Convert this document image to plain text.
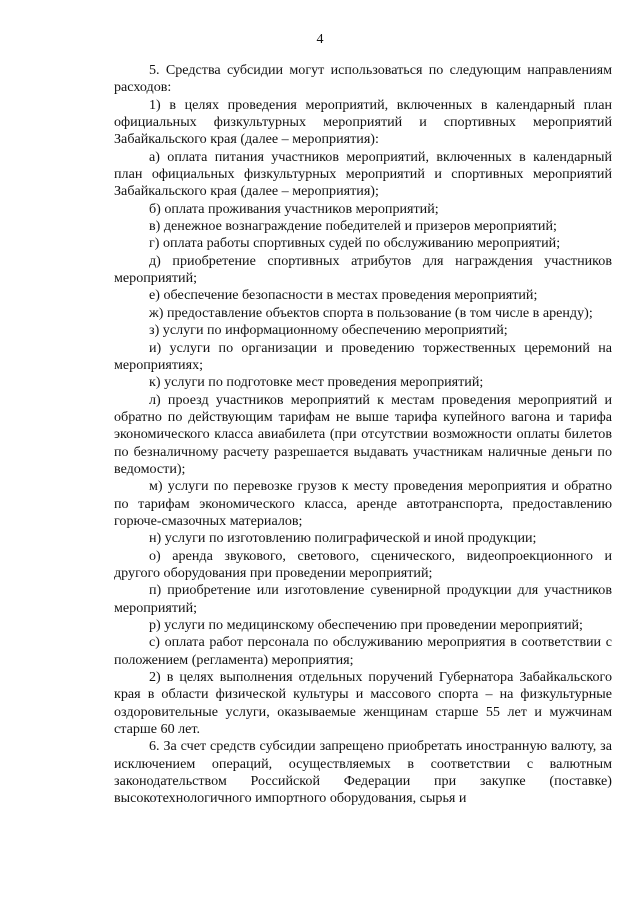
4

5. Средства субсидии могут использоваться по следующим направлениям расходов:

1) в целях проведения мероприятий, включенных в календарный план официальных физкультурных мероприятий и спортивных мероприятий Забайкальского края (далее – мероприятия):

а) оплата питания участников мероприятий, включенных в календарный план официальных физкультурных мероприятий и спортивных мероприятий Забайкальского края (далее – мероприятия);

б) оплата проживания участников мероприятий;

в) денежное вознаграждение победителей и призеров мероприятий;

г) оплата работы спортивных судей по обслуживанию мероприятий;

д) приобретение спортивных атрибутов для награждения участников мероприятий;

е) обеспечение безопасности в местах проведения мероприятий;

ж) предоставление объектов спорта в пользование (в том числе в аренду);

з) услуги по информационному обеспечению мероприятий;

и) услуги по организации и проведению торжественных церемоний на мероприятиях;

к) услуги по подготовке мест проведения мероприятий;

л) проезд участников мероприятий к местам проведения мероприятий и обратно по действующим тарифам не выше тарифа купейного вагона и тарифа экономического класса авиабилета (при отсутствии возможности оплаты билетов по безналичному расчету разрешается выдавать участникам наличные деньги по ведомости);

м) услуги по перевозке грузов к месту проведения мероприятия и обратно по тарифам экономического класса, аренде автотранспорта, предоставлению горюче-смазочных материалов;

н) услуги по изготовлению полиграфической и иной продукции;

о) аренда звукового, светового, сценического, видеопроекционного и другого оборудования при проведении мероприятий;

п) приобретение или изготовление сувенирной продукции для участников мероприятий;

р) услуги по медицинскому обеспечению при проведении мероприятий;

с) оплата работ персонала по обслуживанию мероприятия в соответствии с положением (регламента) мероприятия;

2) в целях выполнения отдельных поручений Губернатора Забайкальского края в области физической культуры и массового спорта – на физкультурные оздоровительные услуги, оказываемые женщинам старше 55 лет и мужчинам старше 60 лет.

6. За счет средств субсидии запрещено приобретать иностранную валюту, за исключением операций, осуществляемых в соответствии с валютным законодательством Российской Федерации при закупке (поставке) высокотехнологичного импортного оборудования, сырья и
